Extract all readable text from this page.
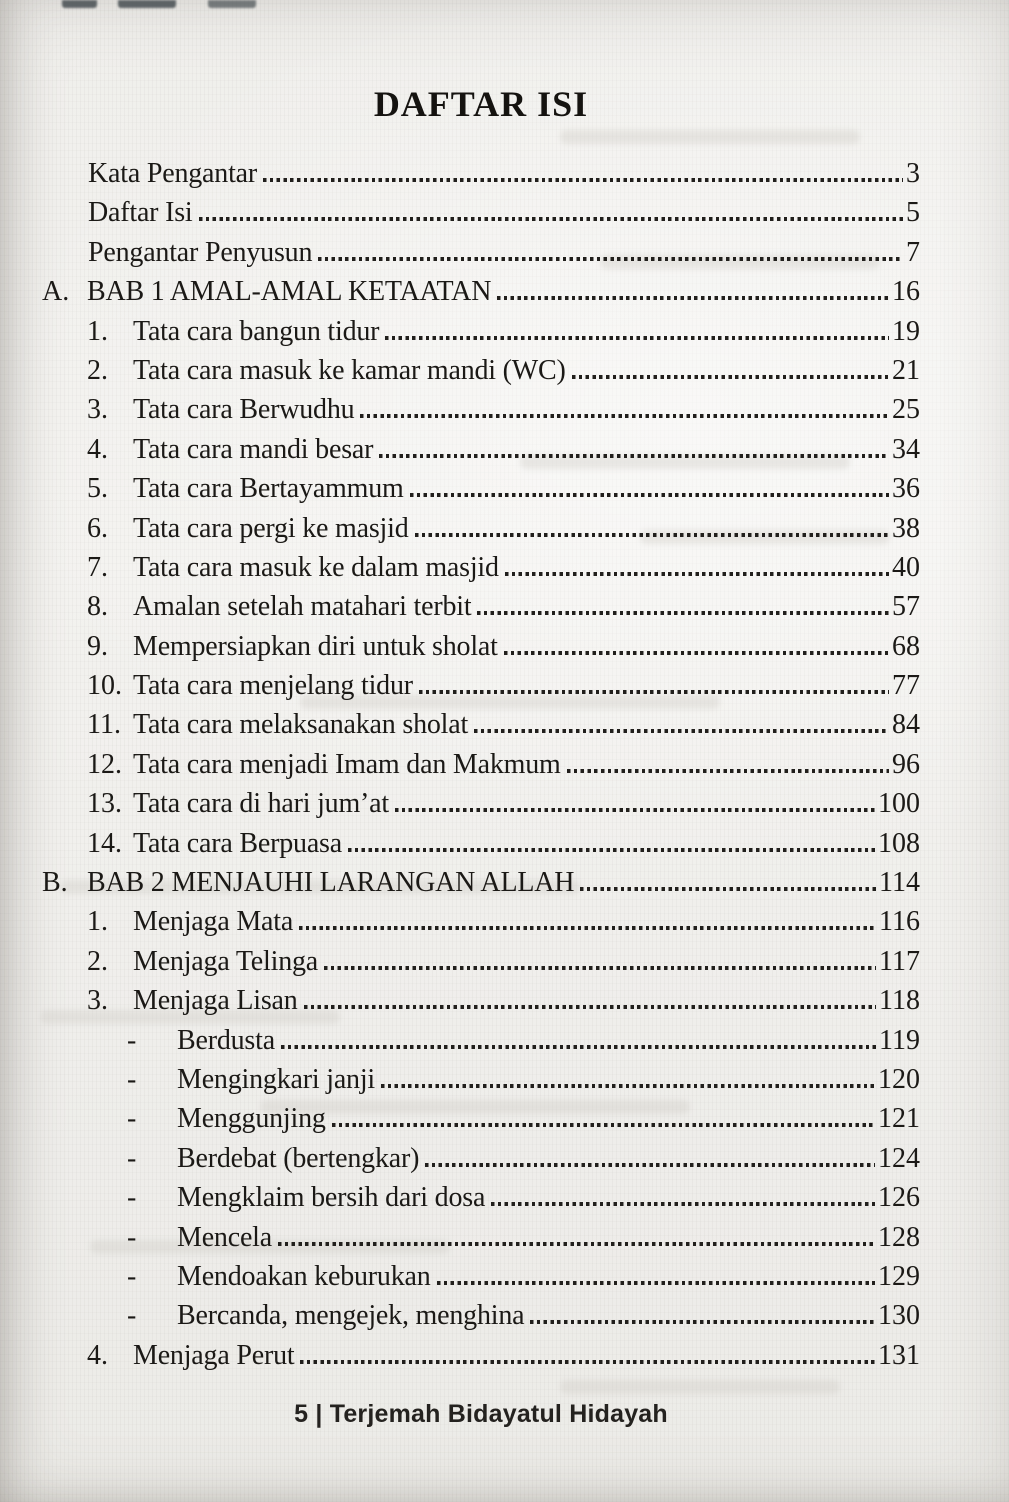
DAFTAR ISI
Kata Pengantar	3
Daftar Isi	5
Pengantar Penyusun	7
A. BAB 1 AMAL-AMAL KETAATAN	16
1. Tata cara bangun tidur	19
2. Tata cara masuk ke kamar mandi (WC)	21
3. Tata cara Berwudhu	25
4. Tata cara mandi besar	34
5. Tata cara Bertayammum	36
6. Tata cara pergi ke masjid	38
7. Tata cara masuk ke dalam masjid	40
8. Amalan setelah matahari terbit	57
9. Mempersiapkan diri untuk sholat	68
10. Tata cara menjelang tidur	77
11. Tata cara melaksanakan sholat	84
12. Tata cara menjadi Imam dan Makmum	96
13. Tata cara di hari jum’at	100
14. Tata cara Berpuasa	108
B. BAB 2 MENJAUHI LARANGAN ALLAH	114
1. Menjaga Mata	116
2. Menjaga Telinga	117
3. Menjaga Lisan	118
-	Berdusta	119
-	Mengingkari janji	120
-	Menggunjing	121
-	Berdebat (bertengkar)	124
-	Mengklaim bersih dari dosa	126
-	Mencela	128
-	Mendoakan keburukan	129
-	Bercanda, mengejek, menghina	130
4. Menjaga Perut	131
5 | Terjemah Bidayatul Hidayah
